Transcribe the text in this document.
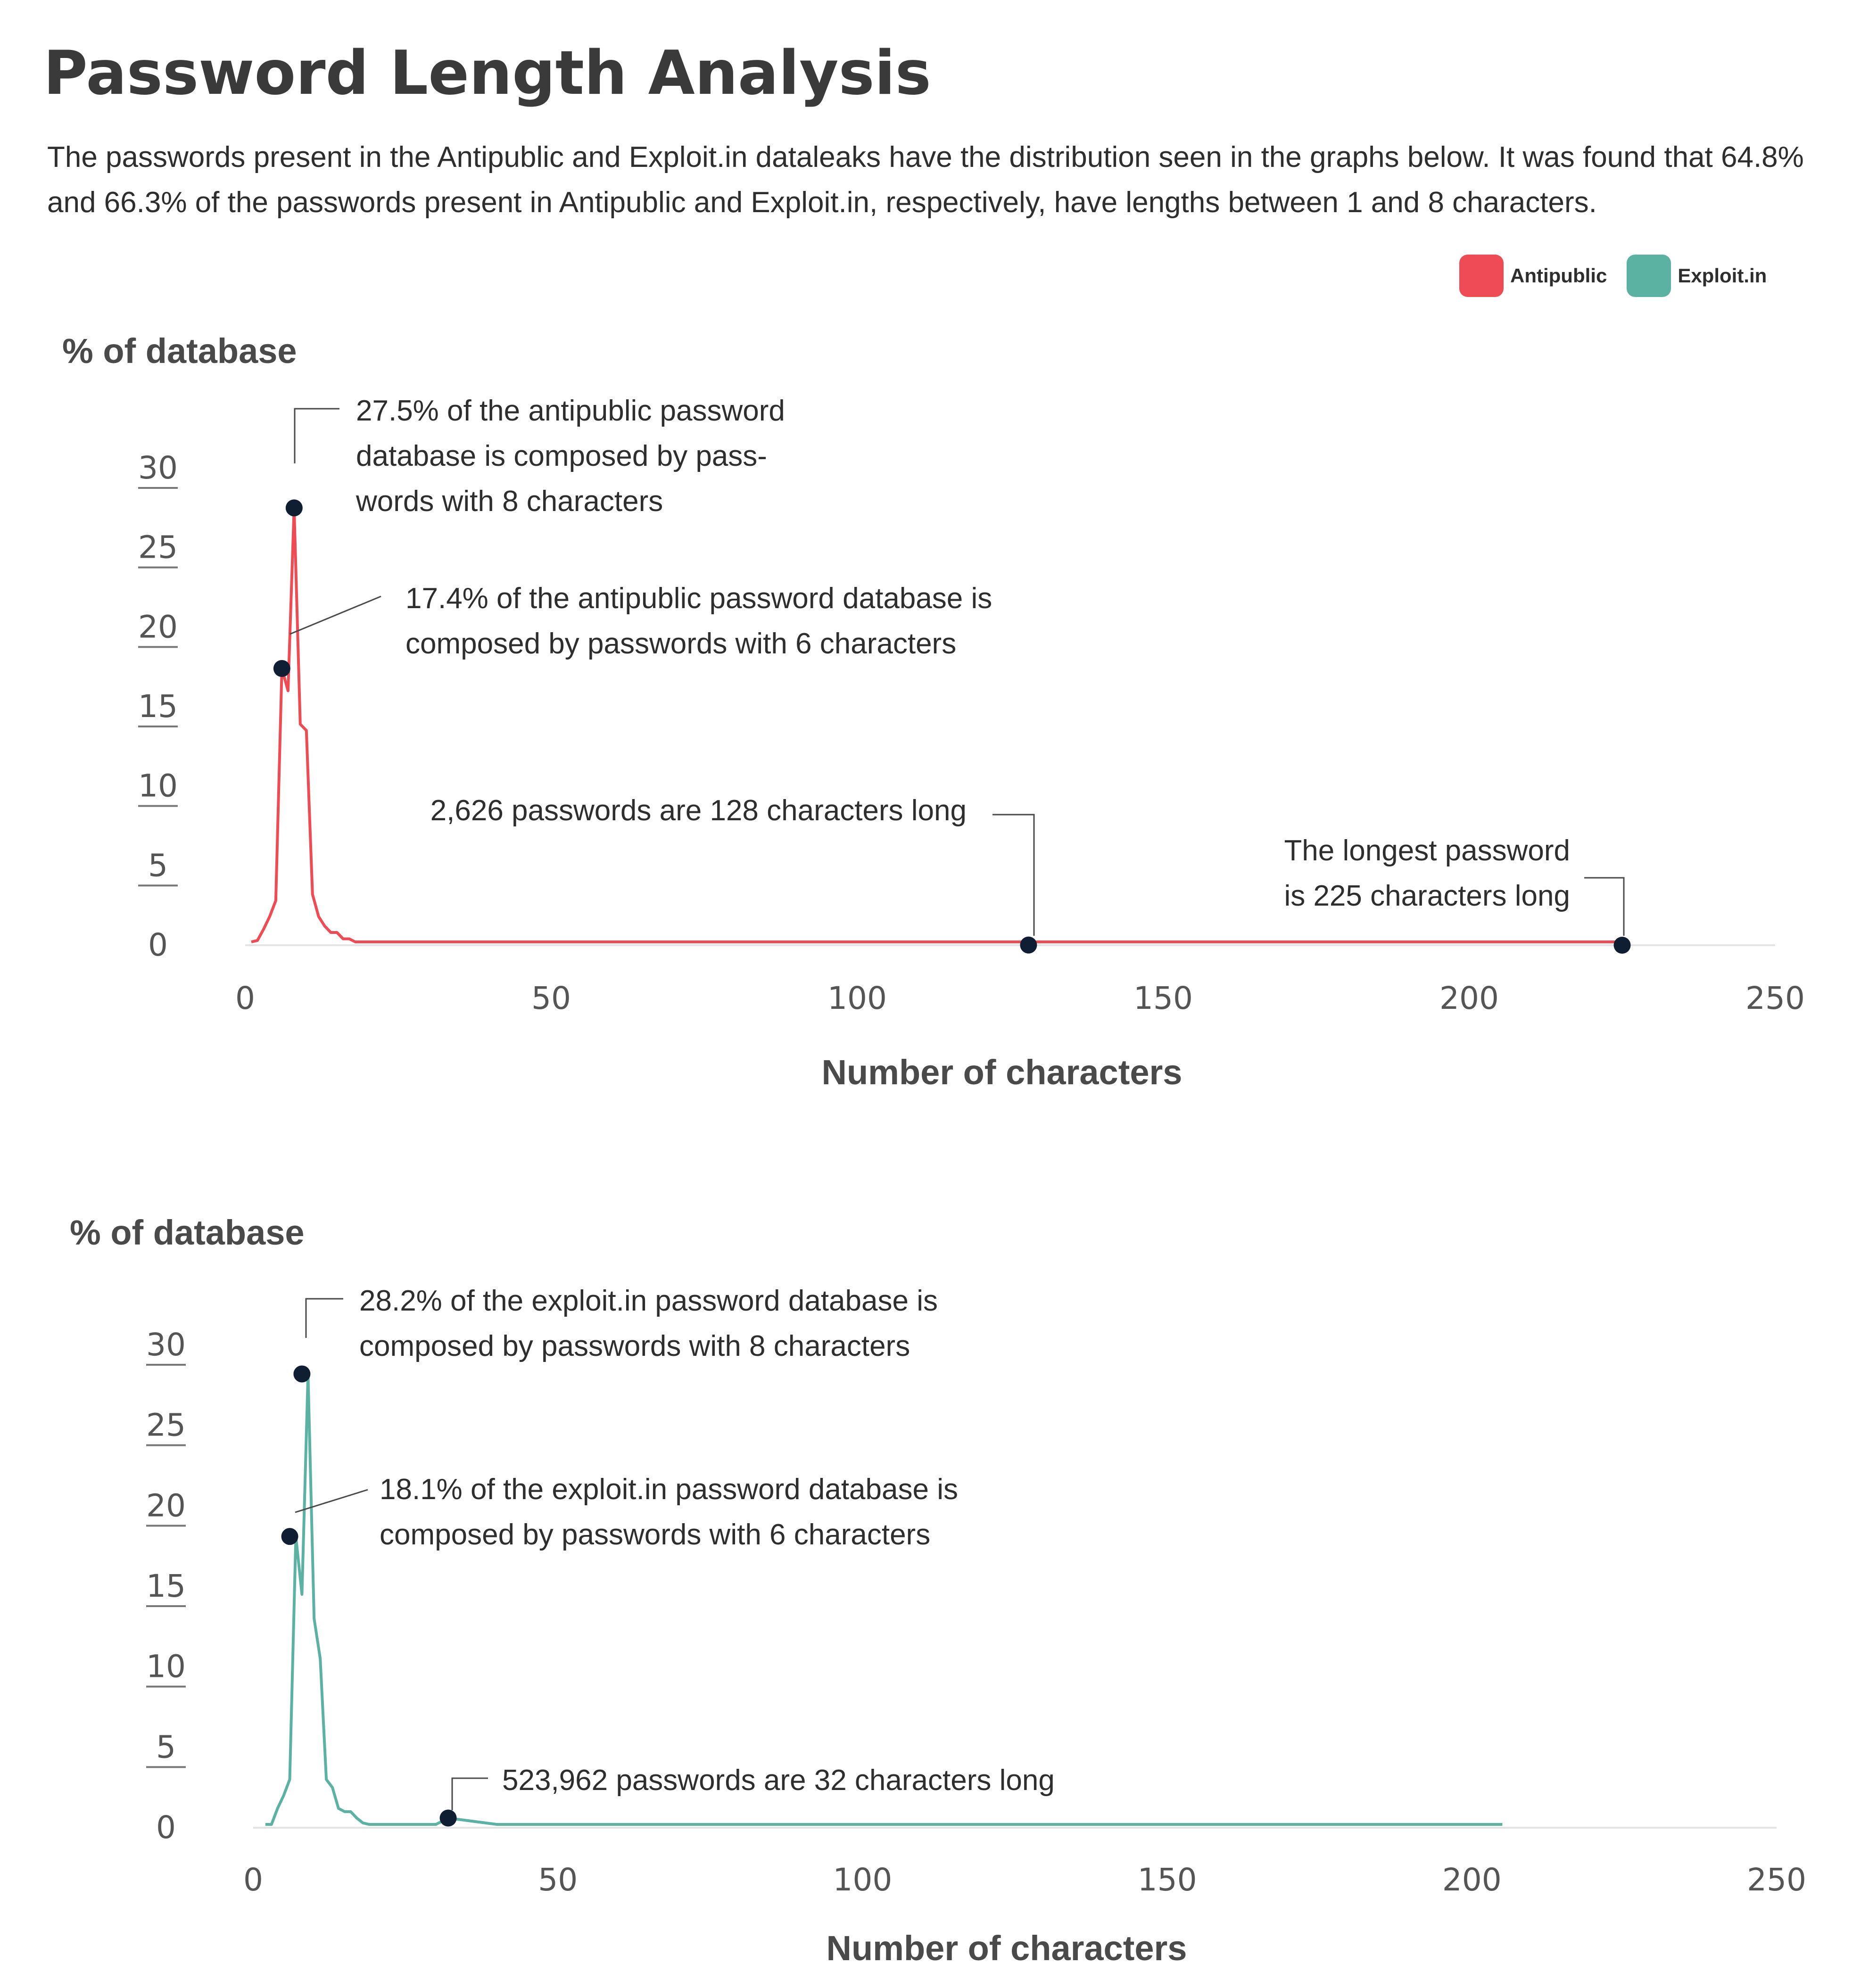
Password Length Analysis

The passwords present in the Antipublic and Exploit.in dataleaks have the distribution seen in the graphs below. It was found that 64.8% and 66.3% of the passwords present in Antipublic and Exploit.in, respectively, have lengths between 1 and 8 characters.

Antipublic	Exploit.in
% of database
0
5
10
15
20
25
30
0	50	100	150	200	250
Number of characters
27.5% of the antipublic password database is composed by pass-words with 8 characters
17.4% of the antipublic password database is composed by passwords with 6 characters
2,626 passwords are 128 characters long
The longest password is 225 characters long
% of database
0
5
10
15
20
25
30
0	50	100	150	200	250
Number of characters
28.2% of the exploit.in password database is composed by passwords with 8 characters
18.1% of the exploit.in password database is composed by passwords with 6 characters
523,962 passwords are 32 characters long
